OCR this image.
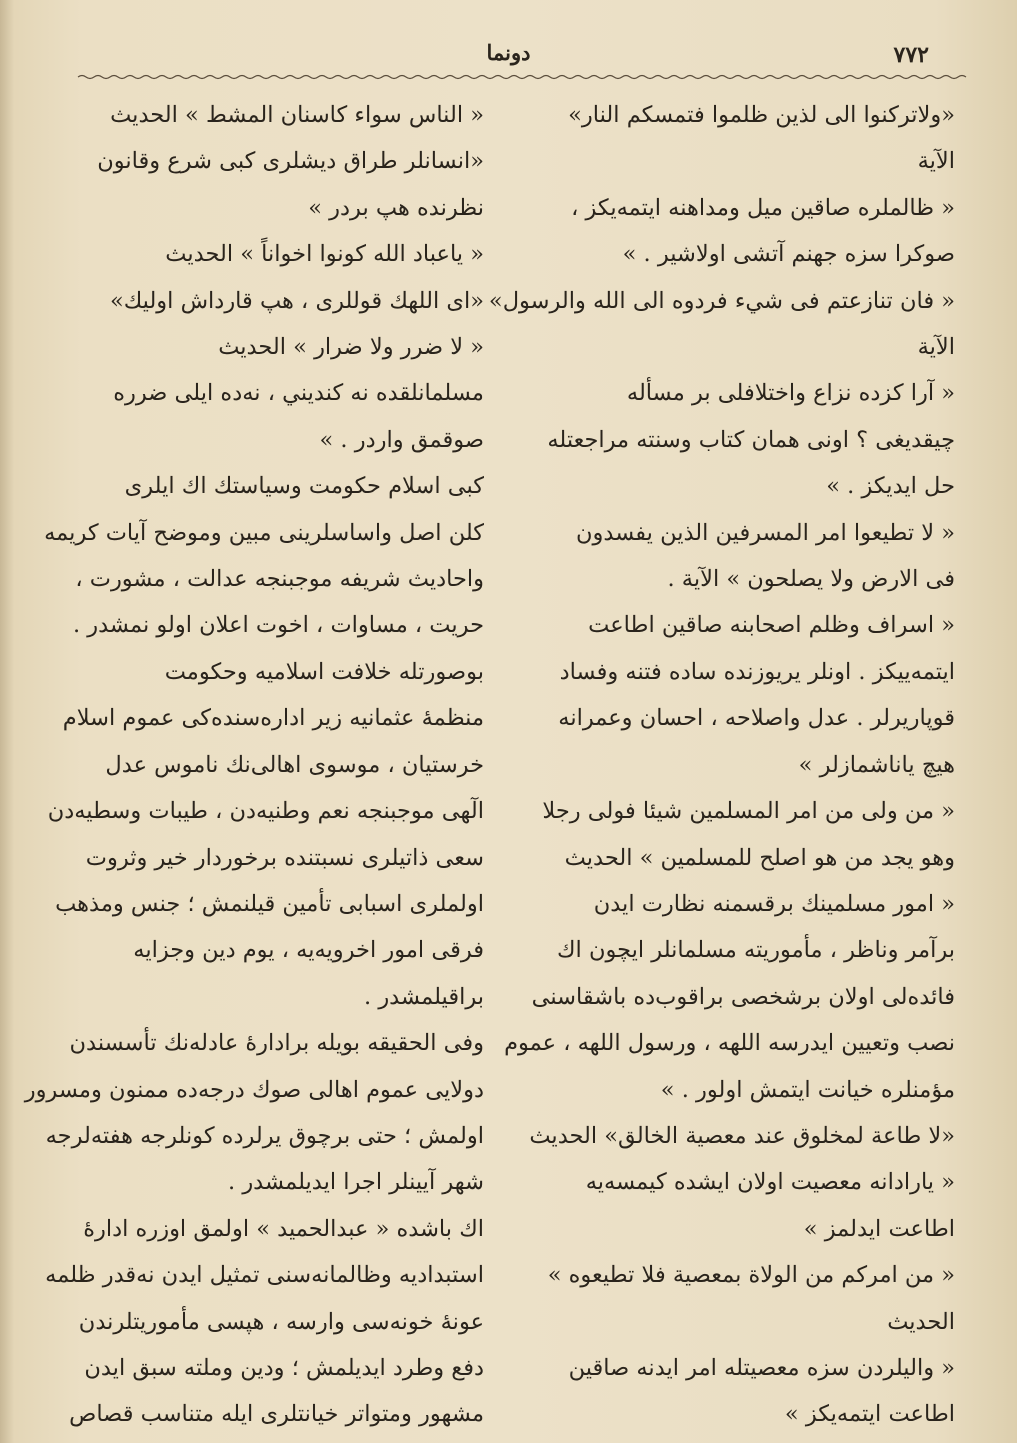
٧٧٢
دونما

«ولاتركنوا الى لذين ظلموا فتمسكم النار»

الآية

« ظالملره صاقين ميل ومداهنه ايتمه‌يكز ،

صوكرا سزه جهنم آتشى اولاشير . »

« فان تنازعتم فى شيء فردوه الى الله والرسول»

الآية

« آرا كزده نزاع واختلافلى بر مسأله

چيقديغى ؟ اونى همان كتاب وسنته مراجعتله

حل ايديكز . »

« لا تطيعوا امر المسرفين الذين يفسدون

فى الارض ولا يصلحون » الآية .

« اسراف وظلم اصحابنه صاقين اطاعت

ايتمه‌ييكز . اونلر يريوزنده ساده فتنه وفساد

قوپاريرلر . عدل واصلاحه ، احسان وعمرانه

هيچ يانا‌شمازلر »

« من ولى من امر المسلمين شيئا فولى رجلا

وهو يجد من هو اصلح للمسلمين » الحديث

« امور مسلمينك برقسمنه نظارت ايدن

برآمر وناظر ، مأموريته مسلمانلر ايچون اك

فائده‌لى اولان برشخصى براقوب‌ده باشقاسنى

نصب وتعيين ايدرسه اللهه ، ورسول اللهه ، عموم

مؤمنلره خيانت ايتمش اولور . »

«لا طاعة لمخلوق عند معصية الخالق» الحديث

« يارادانه معصيت اولان ايشده كيمسه‌يه

اطاعت ايدلمز »

« من امركم من الولاة بمعصية فلا تطيعوه »

الحديث

« واليلردن سزه معصيتله امر ايدنه صاقين

اطاعت ايتمه‌يكز »

« الناس سواء كاسنان المشط » الحديث

«انسانلر طراق ديشلرى كبى شرع وقانون

نظرنده هپ بردر »

« ياعباد الله كونوا اخواناً » الحديث

«اى اللهك قوللرى ، هپ قارداش اوليك»

« لا ضرر ولا ضرار » الحديث

مسلمانلقده نه كنديني ، نه‌ده ايلى ضرره

صوقمق واردر . »

كبى اسلام حكومت وسياستك اك ايلرى

كلن اصل واساسلرينى مبين وموضح آيات كريمه

واحاديث شريفه موجبنجه عدالت ، مشورت ،

حريت ، مساوات ، اخوت اعلان اولو نمشدر .

بوصورتله خلافت اسلاميه وحكومت

منظمهٔ عثمانيه زير اداره‌سنده‌كى عموم اسلام

خرستيان ، موسوى اهالى‌نك ناموس عدل

الٓهى موجبنجه نعم وطنيه‌دن ، طيبات وسطيه‌دن

سعى ذاتيلرى نسبتنده برخوردار خير وثروت

اولملرى اسبابى تأمين قيلنمش ؛ جنس ومذهب

فرقى امور اخرويه‌يه ، يوم دين وجزايه

براقيلمشدر .

وفى الحقيقه بويله برادارهٔ عادله‌نك تأسسندن

دولايى عموم اهالى صوك درجه‌ده ممنون ومسرور

اولمش ؛ حتى برچوق يرلرده كونلرجه‌ هفته‌لرجه

شهر آيينلر اجرا ايديلمشدر .

اك باشده « عبدالحميد » اولمق اوزره ادارهٔ

استبداديه وظالمانه‌سنى تمثيل ايدن نه‌قدر ظلمه

عونهٔ خونه‌سى وارسه ، هپسى مأموريتلرندن

دفع وطرد ايديلمش ؛ ودين وملته سبق ايدن

مشهور ومتواتر خيانتلرى ايله متناسب قصاص
